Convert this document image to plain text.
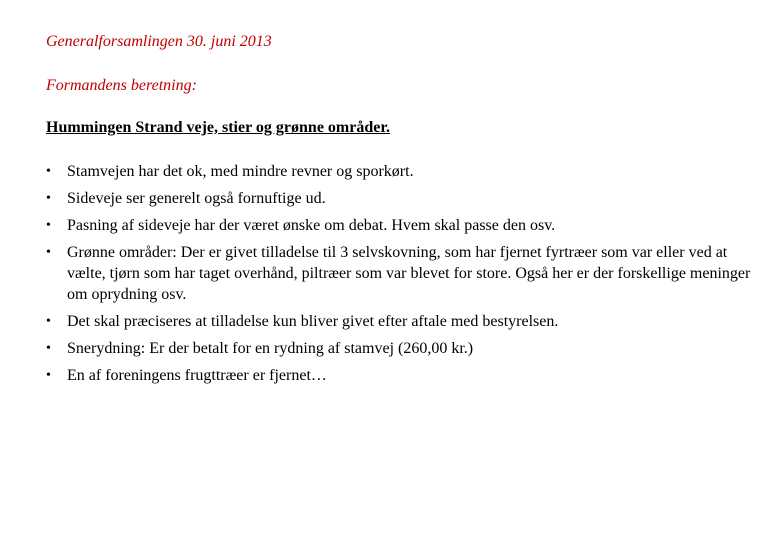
Generalforsamlingen 30. juni 2013
Formandens beretning:
Hummingen Strand veje, stier og grønne områder.
• Stamvejen har det ok, med mindre revner og sporkørt.
• Sideveje ser generelt også fornuftige ud.
• Pasning af sideveje har der været ønske om debat. Hvem skal passe den osv.
• Grønne områder: Der er givet tilladelse til 3 selvskovning, som har fjernet fyrtræer som var eller ved at vælte, tjørn som har taget overhånd, piltræer som var blevet for store. Også her er der forskellige meninger om oprydning osv.
• Det skal præciseres at tilladelse kun bliver givet efter aftale med bestyrelsen.
• Snerydning: Er der betalt for en rydning af stamvej (260,00 kr.)
• En af foreningens frugttræer er fjernet…
